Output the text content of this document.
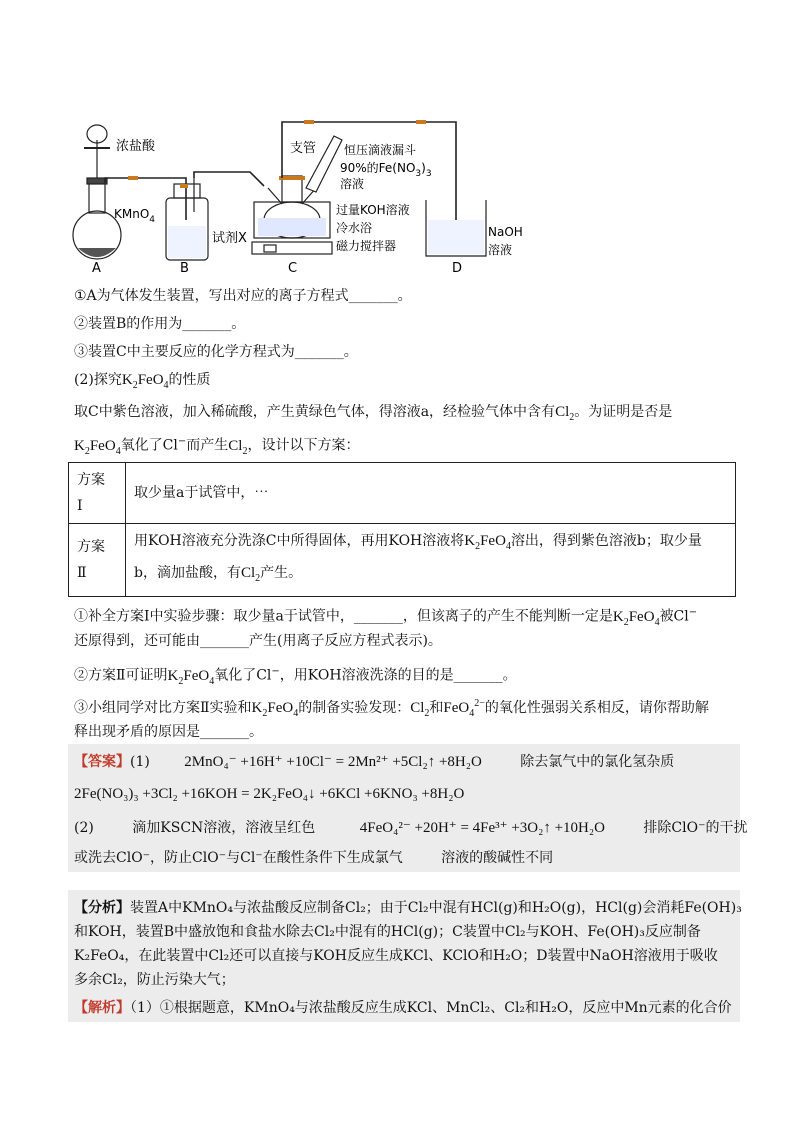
A	B	C	D
浓盐酸
KMnO$_4$
试剂X
支管 恒压滴液漏斗
90%的$Fe(NO_3)_3$
溶液
过量KOH溶液
冷水浴
磁力搅拌器
NaOH
溶液
①A为气体发生装置，写出对应的离子方程式_______。
②装置B的作用为_______。
③装置C中主要反应的化学方程式为_______。
(2)探究$K_2FeO_4$的性质
取C中紫色溶液，加入稀硫酸，产生黄绿色气体，得溶液a，经检验气体中含有$Cl_2$。为证明是否是
$K_2FeO_4$氧化了Cl−而产生$Cl_2$，设计以下方案：
方案
Ⅰ	取少量a于试管中，⋯
方案
Ⅱ	用KOH溶液充分洗涤C中所得固体，再用KOH溶液将$K_2FeO_4$溶出，得到紫色溶液b；取少量
b，滴加盐酸，有$Cl_2$产生。
①补全方案Ⅰ中实验步骤：取少量a于试管中，_______，但该离子的产生不能判断一定是$K_2FeO_4$被Cl−
还原得到，还可能由_______产生(用离子反应方程式表示)。
②方案Ⅱ可证明$K_2FeO_4$氧化了Cl−，用KOH溶液洗涤的目的是_______。
③小组同学对比方案Ⅱ实验和$K_2FeO_4$的制备实验发现：$Cl_2$和FeO$_4^{2-}$的氧化性强弱关系相反，请你帮助解
释出现矛盾的原因是_______。
【答案】(1) 2MnO₄⁻ +16H⁺ +10Cl⁻ = 2Mn²⁺ +5Cl₂↑ +8H₂O	除去氯气中的氯化氢杂质
2Fe(NO₃)₃ +3Cl₂ +16KOH = 2K₂FeO₄↓ +6KCl +6KNO₃ +8H₂O
(2)	滴加KSCN溶液，溶液呈红色	4FeO₄²⁻ +20H⁺ = 4Fe³⁺ +3O₂↑ +10H₂O	排除ClO⁻的干扰
或洗去ClO⁻，防止ClO⁻与Cl⁻在酸性条件下生成氯气	溶液的酸碱性不同
【分析】装置A中KMnO₄与浓盐酸反应制备Cl₂；由于Cl₂中混有HCl(g)和H₂O(g)，HCl(g)会消耗Fe(OH)₃
和KOH，装置B中盛放饱和食盐水除去Cl₂中混有的HCl(g)；C装置中Cl₂与KOH、Fe(OH)₃反应制备
K₂FeO₄，在此装置中Cl₂还可以直接与KOH反应生成KCl、KClO和H₂O；D装置中NaOH溶液用于吸收
多余Cl₂，防止污染大气；
【解析】（1）①根据题意，KMnO₄与浓盐酸反应生成KCl、MnCl₂、Cl₂和H₂O，反应中Mn元素的化合价
